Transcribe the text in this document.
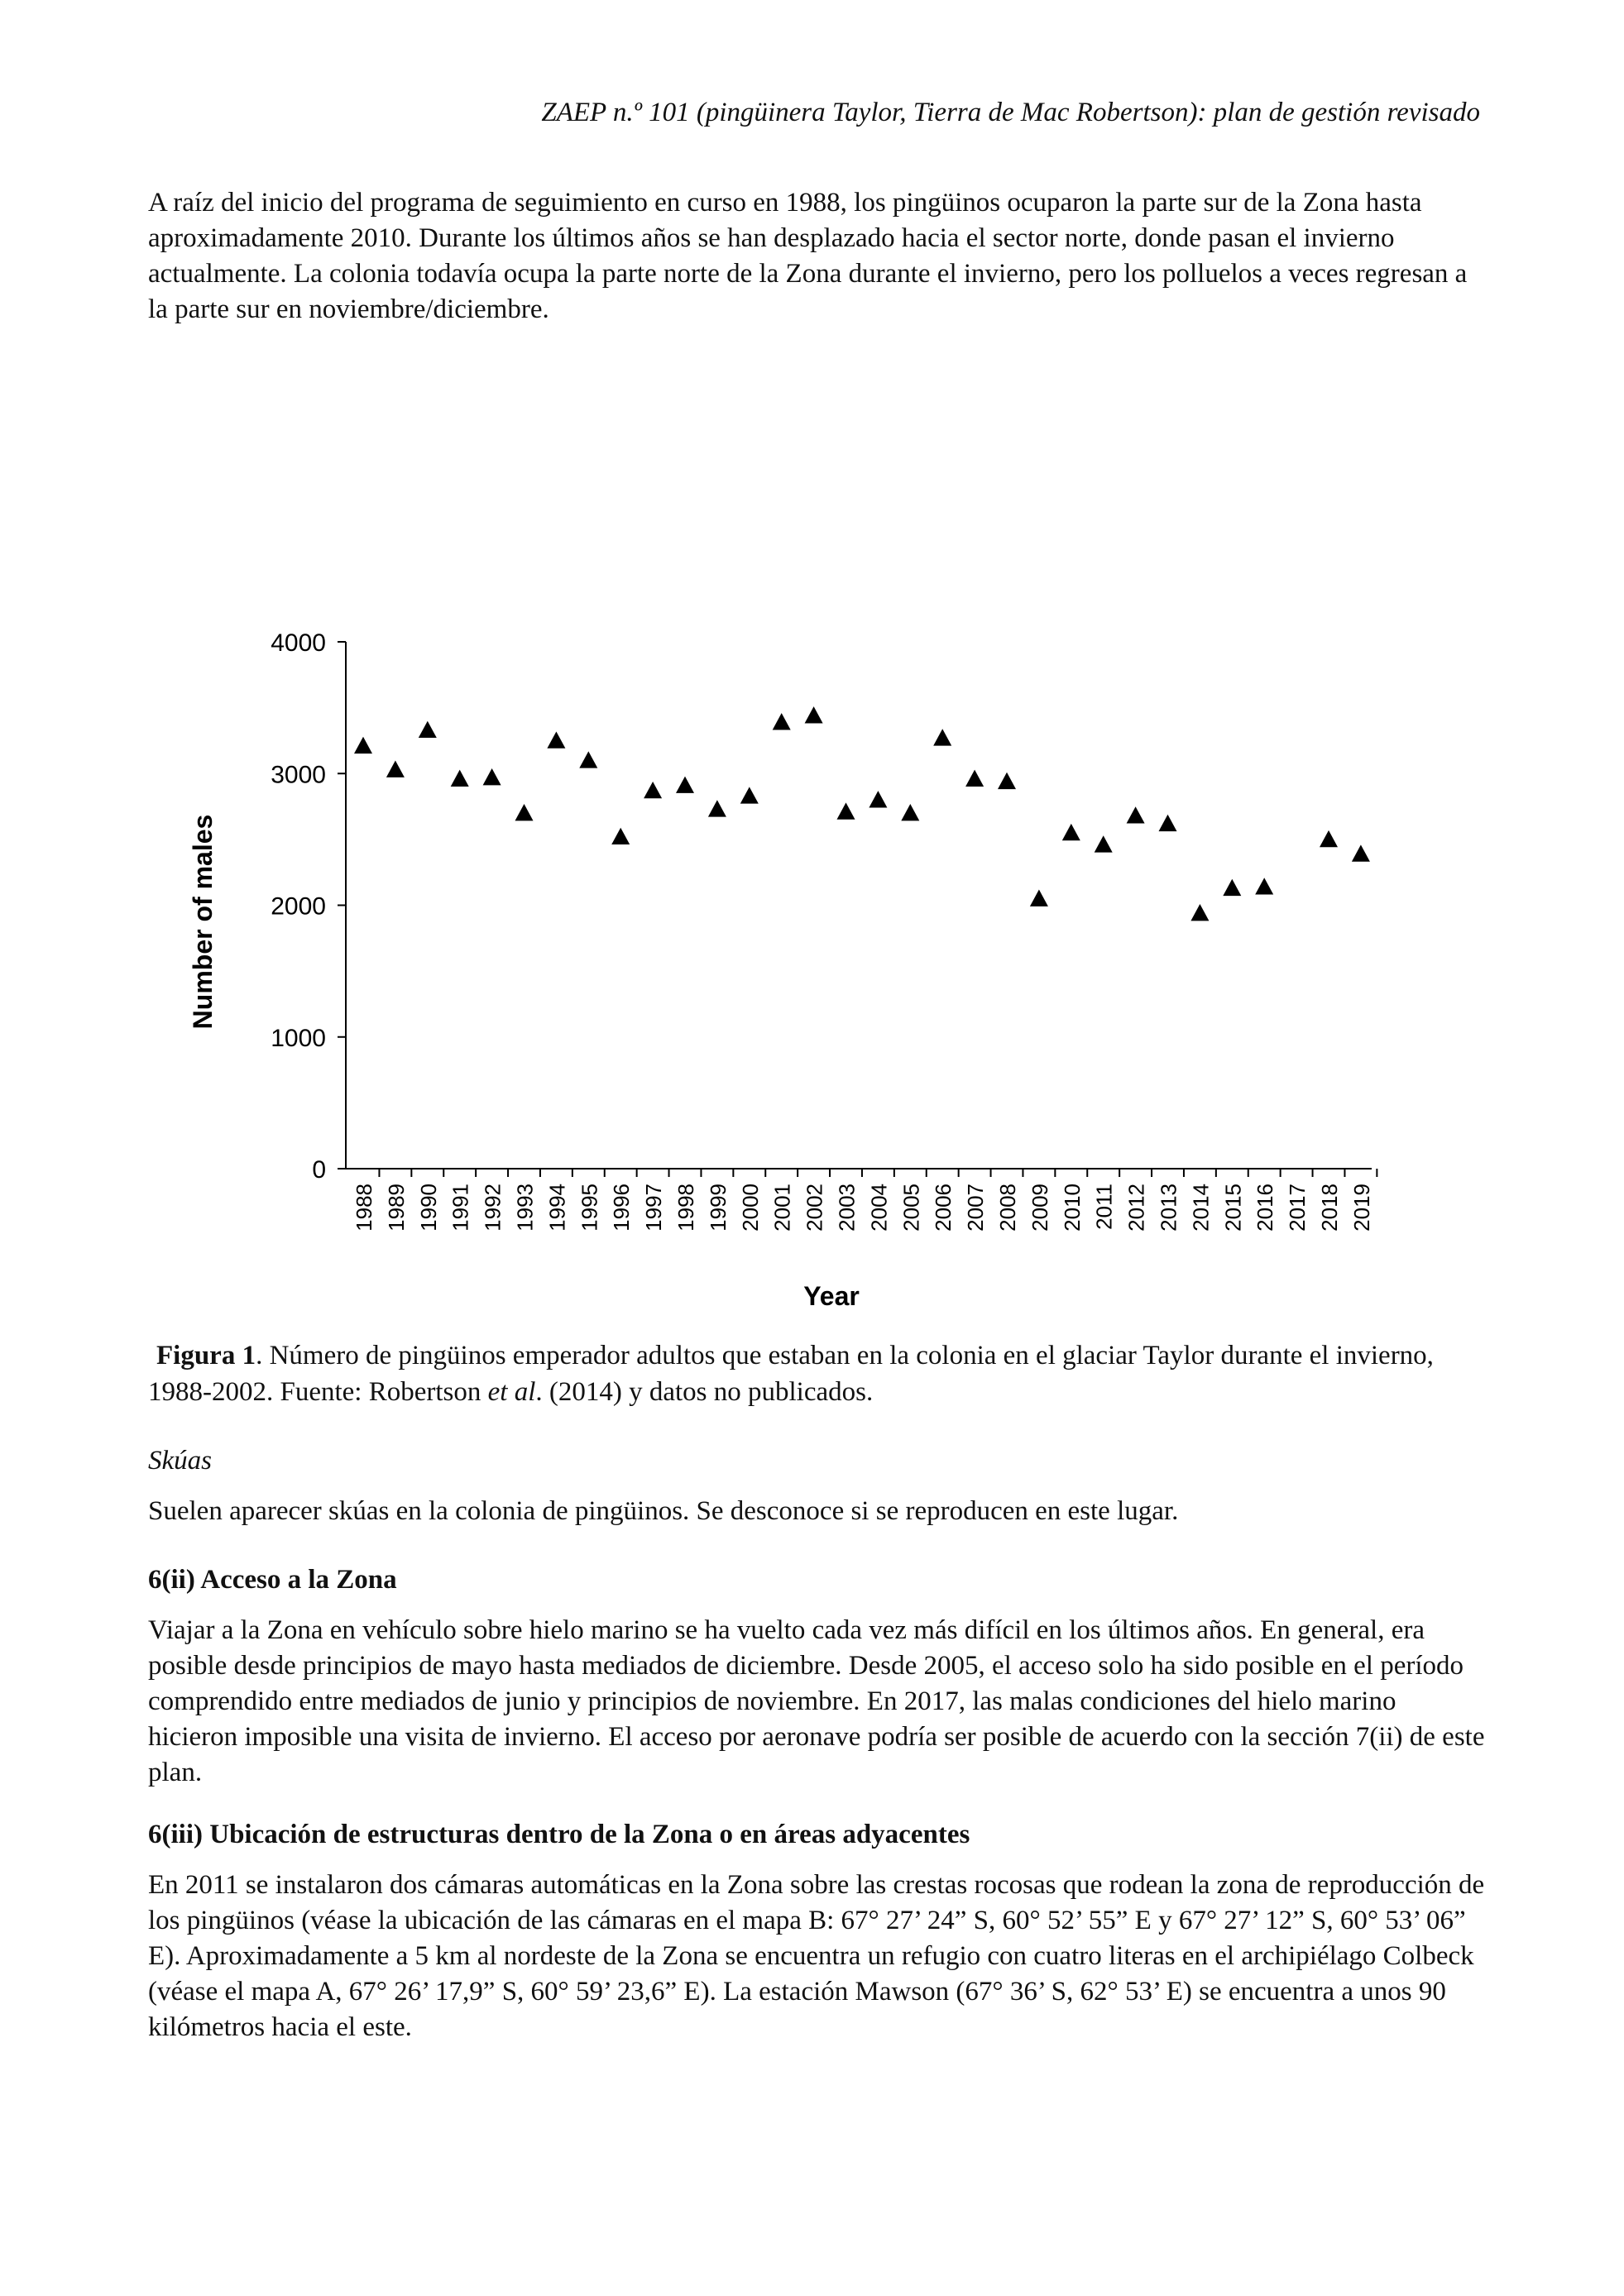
ZAEP n.º 101 (pingüinera Taylor, Tierra de Mac Robertson): plan de gestión revisado

A raíz del inicio del programa de seguimiento en curso en 1988, los pingüinos ocuparon la parte sur de la Zona hasta aproximadamente 2010. Durante los últimos años se han desplazado hacia el sector norte, donde pasan el invierno actualmente. La colonia todavía ocupa la parte norte de la Zona durante el invierno, pero los polluelos a veces regresan a la parte sur en noviembre/diciembre.

0
1000
2000
3000
4000
1988 1989 1990 1991 1992 1993 1994 1995 1996 1997 1998 1999 2000 2001 2002 2003 2004 2005 2006 2007 2008 2009 2010 2011 2012 2013 2014 2015 2016 2017 2018 2019
Number of males
Year
Figura 1. Número de pingüinos emperador adultos que estaban en la colonia en el glaciar Taylor durante el invierno, 1988-2002. Fuente: Robertson et al. (2014) y datos no publicados.
Skúas

Suelen aparecer skúas en la colonia de pingüinos. Se desconoce si se reproducen en este lugar.

6(ii) Acceso a la Zona

Viajar a la Zona en vehículo sobre hielo marino se ha vuelto cada vez más difícil en los últimos años. En general, era posible desde principios de mayo hasta mediados de diciembre. Desde 2005, el acceso solo ha sido posible en el período comprendido entre mediados de junio y principios de noviembre. En 2017, las malas condiciones del hielo marino hicieron imposible una visita de invierno. El acceso por aeronave podría ser posible de acuerdo con la sección 7(ii) de este plan.

6(iii) Ubicación de estructuras dentro de la Zona o en áreas adyacentes

En 2011 se instalaron dos cámaras automáticas en la Zona sobre las crestas rocosas que rodean la zona de reproducción de los pingüinos (véase la ubicación de las cámaras en el mapa B: 67° 27’ 24” S, 60° 52’ 55” E y 67° 27’ 12” S, 60° 53’ 06” E). Aproximadamente a 5 km al nordeste de la Zona se encuentra un refugio con cuatro literas en el archipiélago Colbeck (véase el mapa A, 67° 26’ 17,9” S, 60° 59’ 23,6” E). La estación Mawson (67° 36’ S, 62° 53’ E) se encuentra a unos 90 kilómetros hacia el este.
